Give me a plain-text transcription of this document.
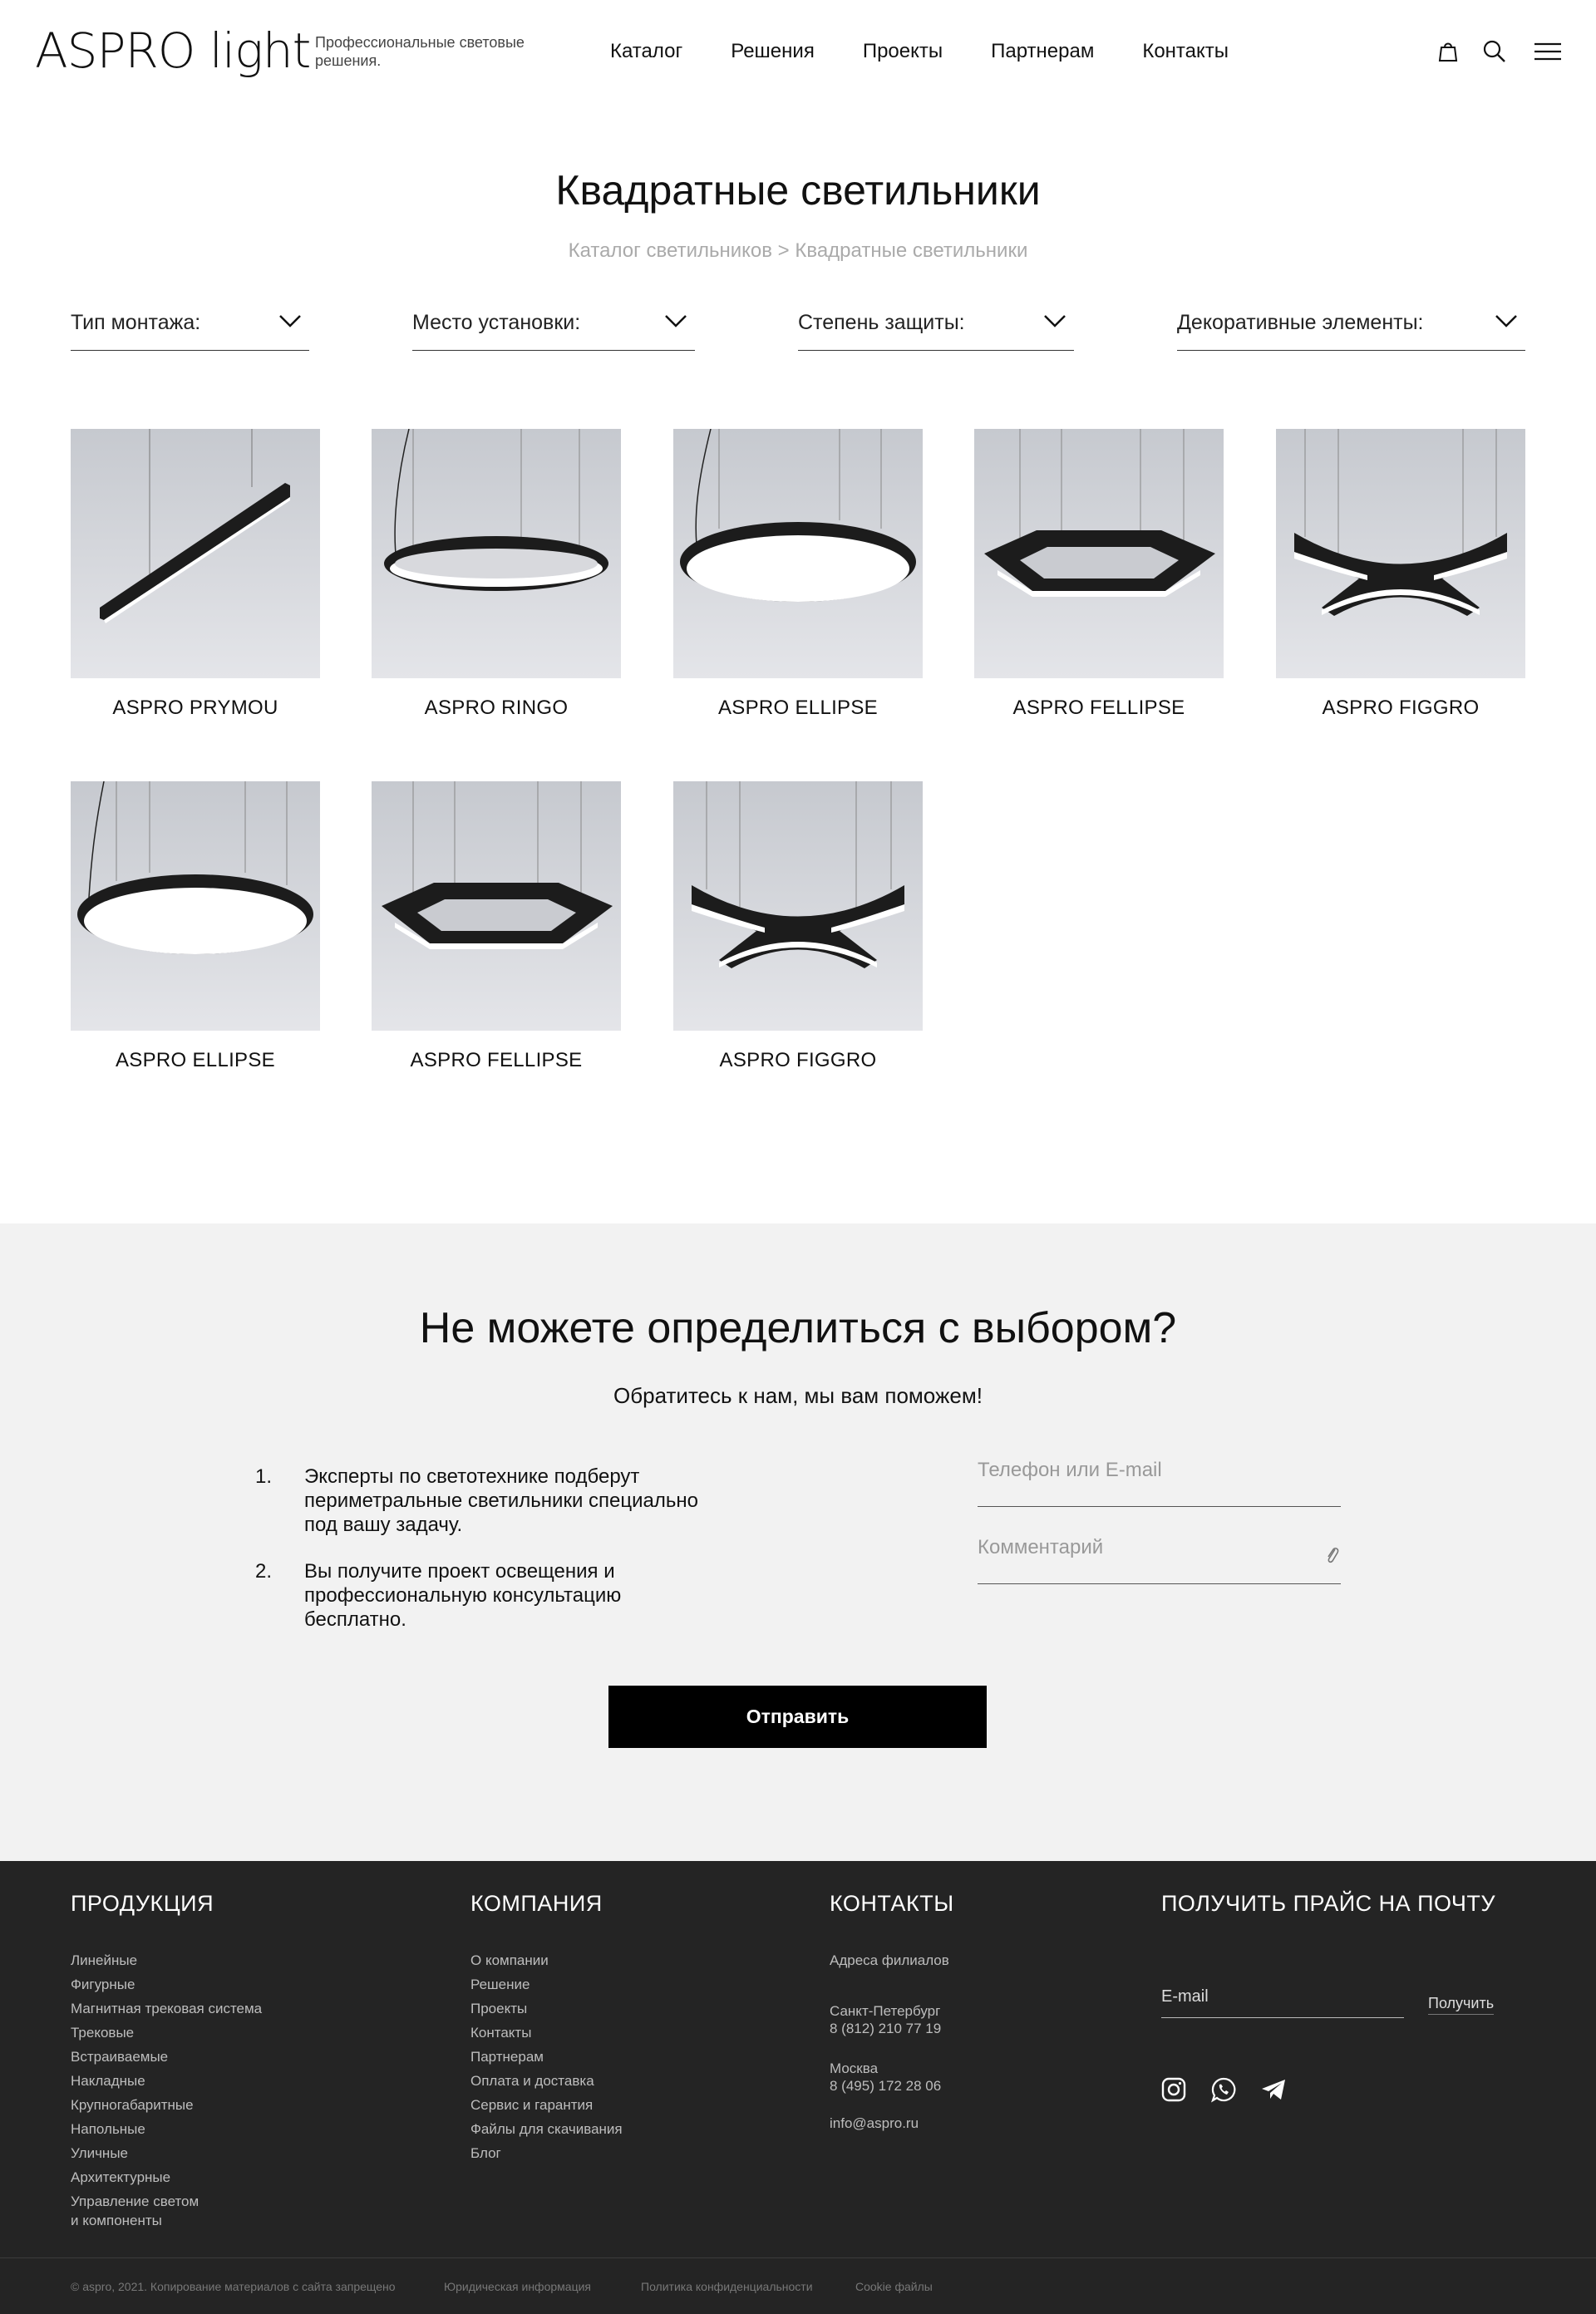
ASPRO light Профессиональные световые решения.	Каталог Решения Проекты Партнерам Контакты
Квадратные светильники
Каталог светильников > Квадратные светильники
Тип монтажа:	Место установки:	Степень защиты:	Декоративные элементы:
ASPRO PRYMOU	ASPRO RINGO	ASPRO ELLIPSE	ASPRO FELLIPSE	ASPRO FIGGRO
ASPRO ELLIPSE	ASPRO FELLIPSE	ASPRO FIGGRO
Не можете определиться с выбором?
Обратитесь к нам, мы вам поможем!
1. Эксперты по светотехнике подберут периметральные светильники специально под вашу задачу.
2. Вы получите проект освещения и профессиональную консультацию бесплатно.
Телефон или E-mail
Комментарий
Отправить
ПРОДУКЦИЯ
Линейные
Фигурные
Магнитная трековая система
Трековые
Встраиваемые
Накладные
Крупногабаритные
Напольные
Уличные
Архитектурные
Управление светом
и компоненты
КОМПАНИЯ
О компании
Решение
Проекты
Контакты
Партнерам
Оплата и доставка
Сервис и гарантия
Файлы для скачивания
Блог
КОНТАКТЫ
Адреса филиалов
Санкт-Петербург
8 (812) 210 77 19
Москва
8 (495) 172 28 06
info@aspro.ru
ПОЛУЧИТЬ ПРАЙС НА ПОЧТУ
E-mail
Получить
© aspro, 2021. Копирование материалов с сайта запрещено	Юридическая информация	Политика конфиденциальности	Cookie файлы
